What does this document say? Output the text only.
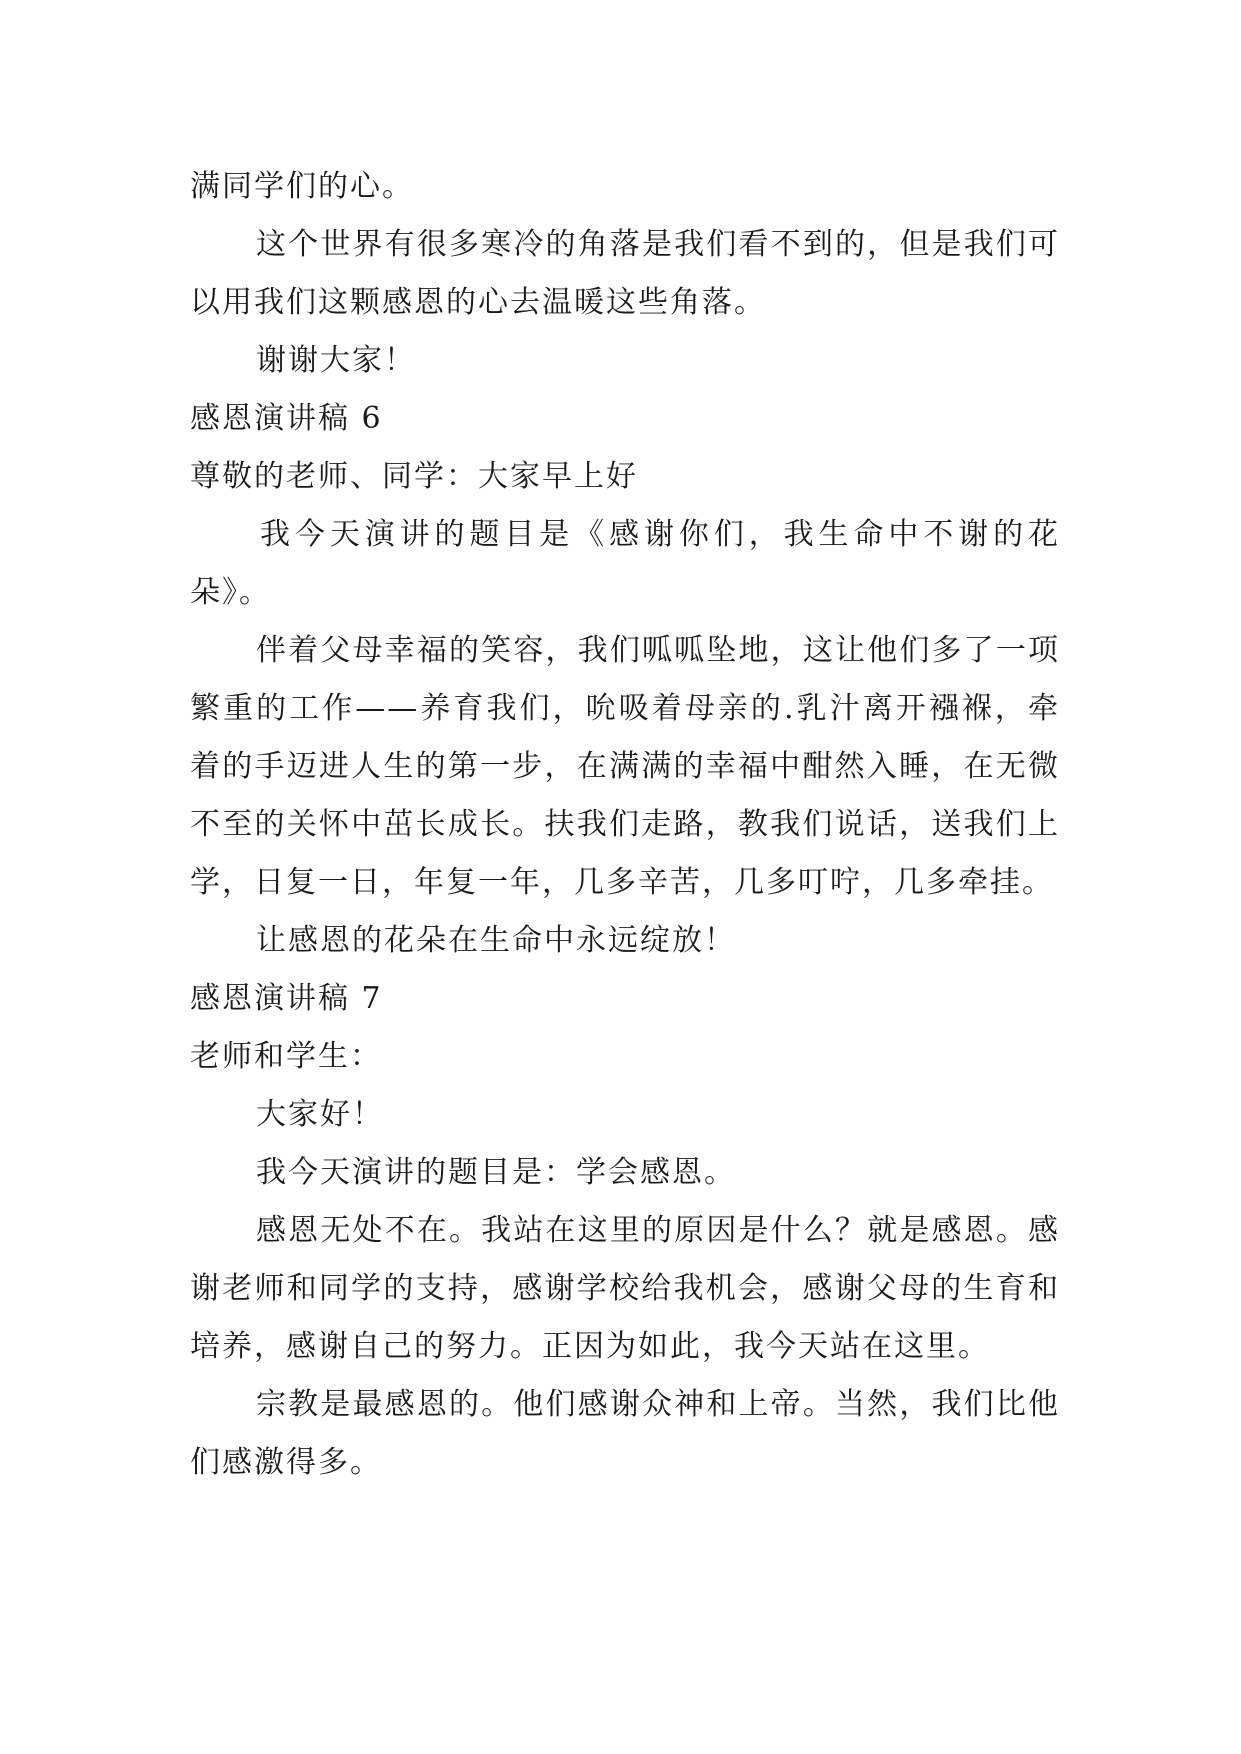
满同学们的心。

这个世界有很多寒冷的角落是我们看不到的，但是我们可以用我们这颗感恩的心去温暖这些角落。

谢谢大家！

感恩演讲稿 6

尊敬的老师、同学：大家早上好

我今天演讲的题目是《感谢你们，我生命中不谢的花朵》。

伴着父母幸福的笑容，我们呱呱坠地，这让他们多了一项繁重的工作——养育我们，吮吸着母亲的.乳汁离开襁褓，牵着的手迈进人生的第一步，在满满的幸福中酣然入睡，在无微不至的关怀中茁长成长。扶我们走路，教我们说话，送我们上学，日复一日，年复一年，几多辛苦，几多叮咛，几多牵挂。

让感恩的花朵在生命中永远绽放！

感恩演讲稿 7

老师和学生：

大家好！

我今天演讲的题目是：学会感恩。

感恩无处不在。我站在这里的原因是什么？就是感恩。感谢老师和同学的支持，感谢学校给我机会，感谢父母的生育和培养，感谢自己的努力。正因为如此，我今天站在这里。

宗教是最感恩的。他们感谢众神和上帝。当然，我们比他们感激得多。
